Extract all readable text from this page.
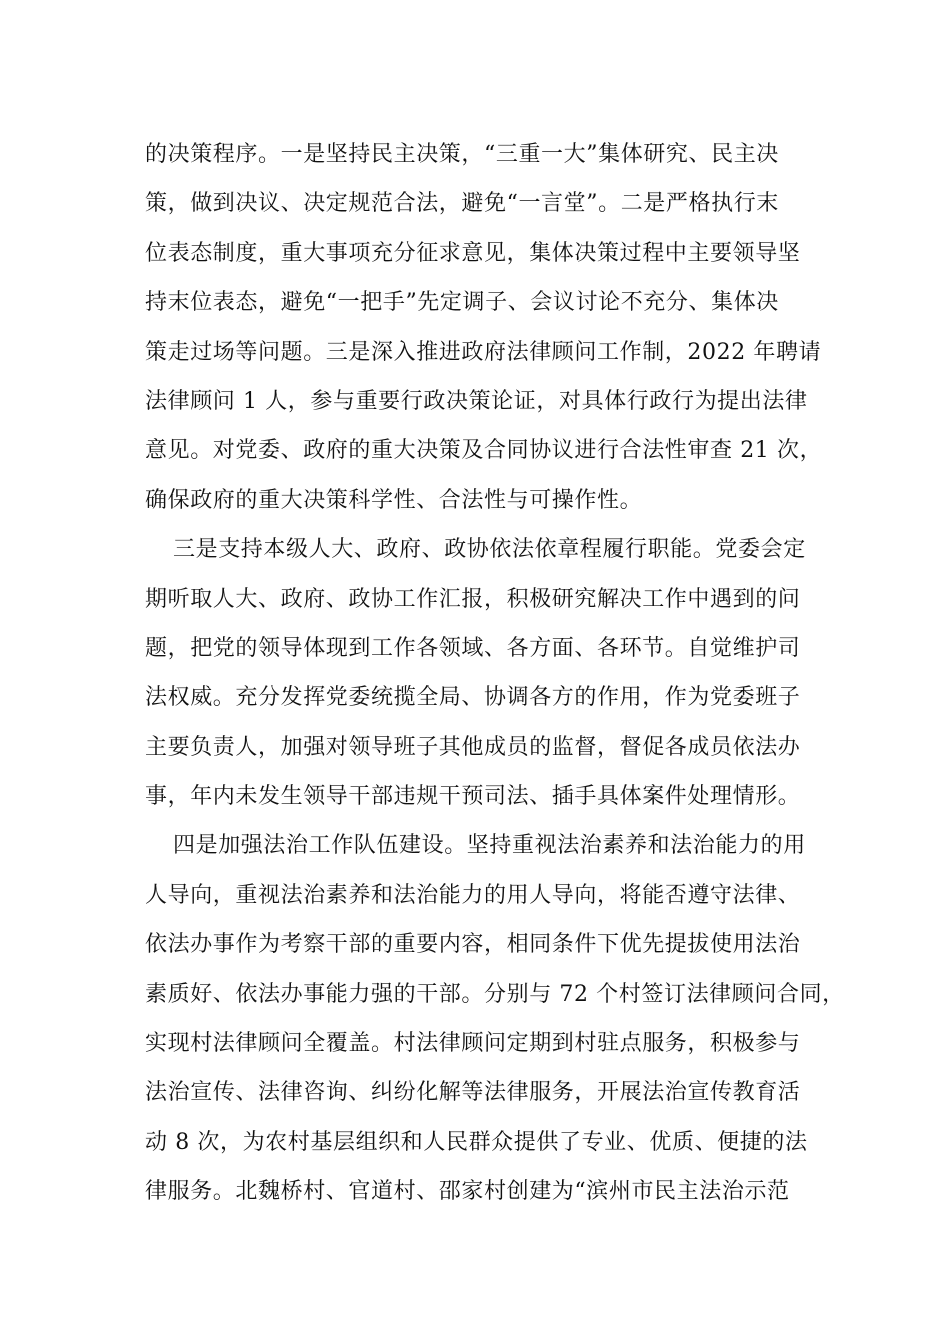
的决策程序。一是坚持民主决策，“三重一大”集体研究、民主决
策，做到决议、决定规范合法，避免“一言堂”。二是严格执行末
位表态制度，重大事项充分征求意见，集体决策过程中主要领导坚
持末位表态，避免“一把手”先定调子、会议讨论不充分、集体决
策走过场等问题。三是深入推进政府法律顾问工作制，2022 年聘请
法律顾问 1 人，参与重要行政决策论证，对具体行政行为提出法律
意见。对党委、政府的重大决策及合同协议进行合法性审查 21 次，
确保政府的重大决策科学性、合法性与可操作性。
三是支持本级人大、政府、政协依法依章程履行职能。党委会定
期听取人大、政府、政协工作汇报，积极研究解决工作中遇到的问
题，把党的领导体现到工作各领域、各方面、各环节。自觉维护司
法权威。充分发挥党委统揽全局、协调各方的作用，作为党委班子
主要负责人，加强对领导班子其他成员的监督，督促各成员依法办
事，年内未发生领导干部违规干预司法、插手具体案件处理情形。
四是加强法治工作队伍建设。坚持重视法治素养和法治能力的用
人导向，重视法治素养和法治能力的用人导向，将能否遵守法律、
依法办事作为考察干部的重要内容，相同条件下优先提拔使用法治
素质好、依法办事能力强的干部。分别与 72 个村签订法律顾问合同，
实现村法律顾问全覆盖。村法律顾问定期到村驻点服务，积极参与
法治宣传、法律咨询、纠纷化解等法律服务，开展法治宣传教育活
动 8 次，为农村基层组织和人民群众提供了专业、优质、便捷的法
律服务。北魏桥村、官道村、邵家村创建为“滨州市民主法治示范
